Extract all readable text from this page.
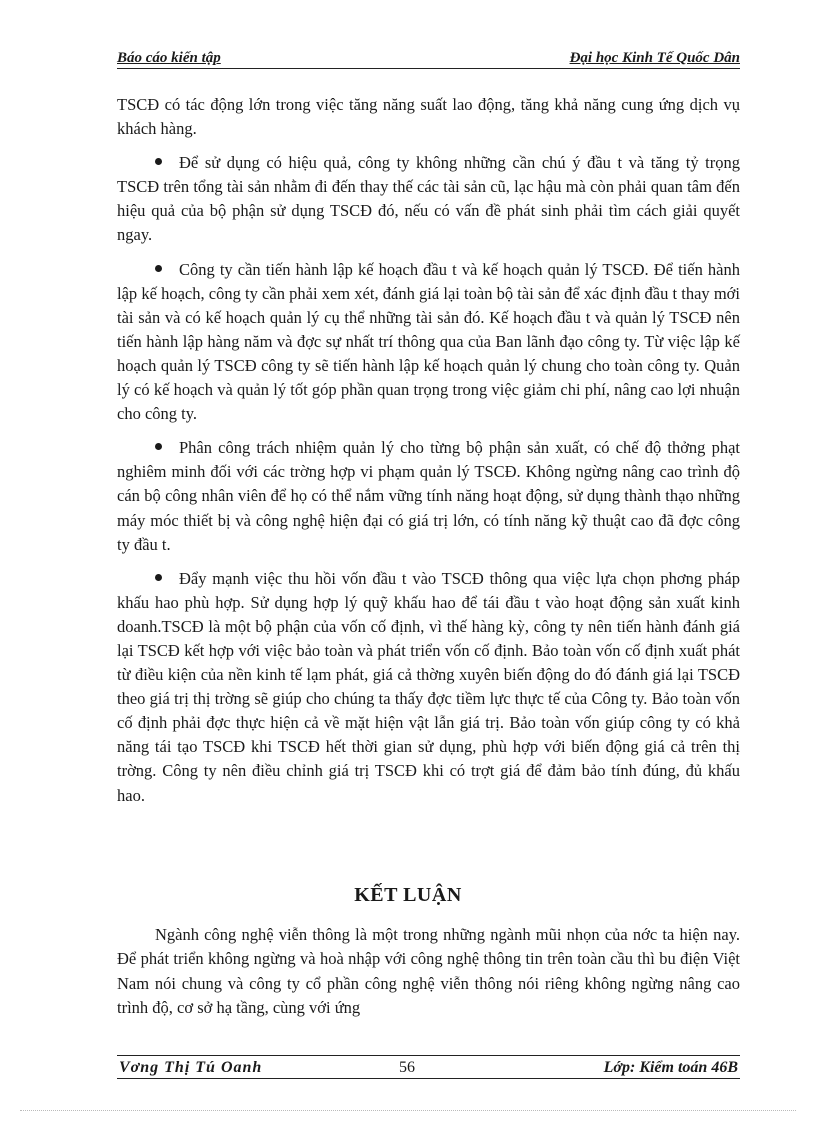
Báo cáo kiến tập	Đại học Kinh Tế Quốc Dân

TSCĐ có tác động lớn trong việc tăng năng suất lao động, tăng khả năng cung ứng dịch vụ khách hàng.

Để sử dụng có hiệu quả, công ty không những cần chú ý đầu t và tăng tỷ trọng TSCĐ trên tổng tài sản nhằm đi đến thay thế các tài sản cũ, lạc hậu mà còn phải quan tâm đến hiệu quả của bộ phận sử dụng TSCĐ đó, nếu có vấn đề phát sinh phải tìm cách giải quyết ngay.

Công ty cần tiến hành lập kế hoạch đầu t và kế hoạch quản lý TSCĐ. Để tiến hành lập kế hoạch, công ty cần phải xem xét, đánh giá lại toàn bộ tài sản để xác định đầu t thay mới tài sản và có kế hoạch quản lý cụ thể những tài sản đó. Kế hoạch đầu t và quản lý TSCĐ nên tiến hành lập hàng năm và đợc sự nhất trí thông qua của Ban lãnh đạo công ty. Từ việc lập kế hoạch quản lý TSCĐ công ty sẽ tiến hành lập kế hoạch quản lý chung cho toàn công ty. Quản lý có kế hoạch và quản lý tốt góp phần quan trọng trong việc giảm chi phí, nâng cao lợi nhuận cho công ty.

Phân công trách nhiệm quản lý cho từng bộ phận sản xuất, có chế độ thởng phạt nghiêm minh đối với các trờng hợp vi phạm quản lý TSCĐ. Không ngừng nâng cao trình độ cán bộ công nhân viên để họ có thể nắm vững tính năng hoạt động, sử dụng thành thạo những máy móc thiết bị và công nghệ hiện đại có giá trị lớn, có tính năng kỹ thuật cao đã đợc công ty đầu t.

Đẩy mạnh việc thu hồi vốn đầu t vào TSCĐ thông qua việc lựa chọn phơng pháp khấu hao phù hợp. Sử dụng hợp lý quỹ khấu hao để tái đầu t vào hoạt động sản xuất kinh doanh.TSCĐ là một bộ phận của vốn cố định, vì thế hàng kỳ, công ty nên tiến hành đánh giá lại TSCĐ kết hợp với việc bảo toàn và phát triển vốn cố định. Bảo toàn vốn cố định xuất phát từ điều kiện của nền kinh tế lạm phát, giá cả thờng xuyên biến động do đó đánh giá lại TSCĐ theo giá trị thị trờng sẽ giúp cho chúng ta thấy đợc tiềm lực thực tế của Công ty. Bảo toàn vốn cố định phải đợc thực hiện cả về mặt hiện vật lẫn giá trị. Bảo toàn vốn giúp công ty có khả năng tái tạo TSCĐ khi TSCĐ hết thời gian sử dụng, phù hợp với biến động giá cả trên thị trờng. Công ty nên điều chỉnh giá trị TSCĐ khi có trợt giá để đảm bảo tính đúng, đủ khấu hao.

KẾT LUẬN

Ngành công nghệ viễn thông là một trong những ngành mũi nhọn của nớc ta hiện nay. Để phát triển không ngừng và hoà nhập với công nghệ thông tin trên toàn cầu thì bu điện Việt Nam nói chung và công ty cổ phần công nghệ viễn thông nói riêng không ngừng nâng cao trình độ, cơ sở hạ tầng, cùng với ứng

Vơng Thị Tú Oanh	56	Lớp: Kiểm toán 46B
